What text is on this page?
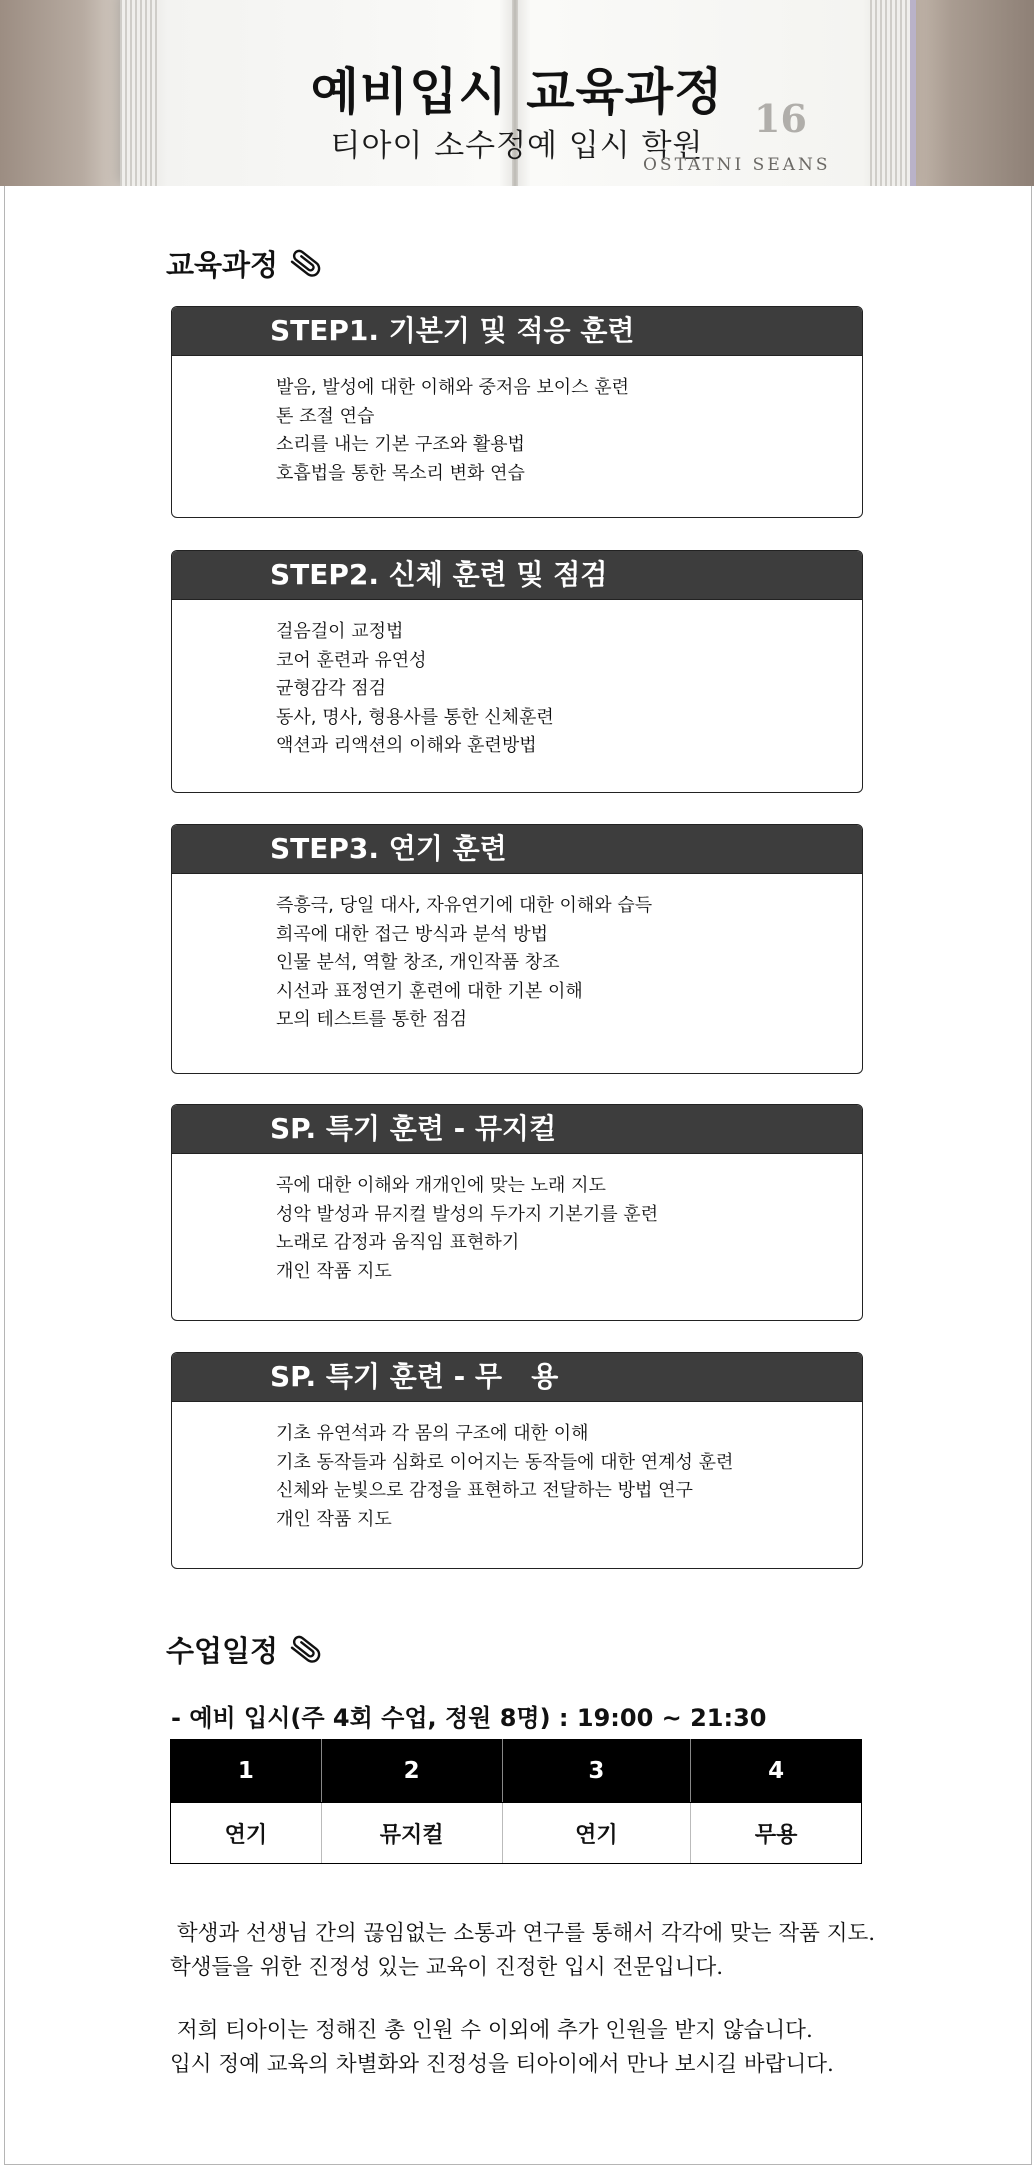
예비입시 교육과정
티아이 소수정예 입시 학원
16
OSTATNI SEANS
교육과정
STEP1. 기본기 및 적응 훈련
발음, 발성에 대한 이해와 중저음 보이스 훈련
톤 조절 연습
소리를 내는 기본 구조와 활용법
호흡법을 통한 목소리 변화 연습
STEP2. 신체 훈련 및 점검
걸음걸이 교정법
코어 훈련과 유연성
균형감각 점검
동사, 명사, 형용사를 통한 신체훈련
액션과 리액션의 이해와 훈련방법
STEP3. 연기 훈련
즉흥극, 당일 대사, 자유연기에 대한 이해와 습득
희곡에 대한 접근 방식과 분석 방법
인물 분석, 역할 창조, 개인작품 창조
시선과 표정연기 훈련에 대한 기본 이해
모의 테스트를 통한 점검
SP. 특기 훈련 - 뮤지컬
곡에 대한 이해와 개개인에 맞는 노래 지도
성악 발성과 뮤지컬 발성의 두가지 기본기를 훈련
노래로 감정과 움직임 표현하기
개인 작품 지도
SP. 특기 훈련 - 무   용
기초 유연석과 각 몸의 구조에 대한 이해
기초 동작들과 심화로 이어지는 동작들에 대한 연계성 훈련
신체와 눈빛으로 감정을 표현하고 전달하는 방법 연구
개인 작품 지도
수업일정
- 예비 입시(주 4회 수업, 정원 8명) : 19:00 ~ 21:30
1	2	3	4
연기	뮤지컬	연기	무용
학생과 선생님 간의 끊임없는 소통과 연구를 통해서 각각에 맞는 작품 지도.
학생들을 위한 진정성 있는 교육이 진정한 입시 전문입니다.
저희 티아이는 정해진 총 인원 수 이외에 추가 인원을 받지 않습니다.
입시 정예 교육의 차별화와 진정성을 티아이에서 만나 보시길 바랍니다.
